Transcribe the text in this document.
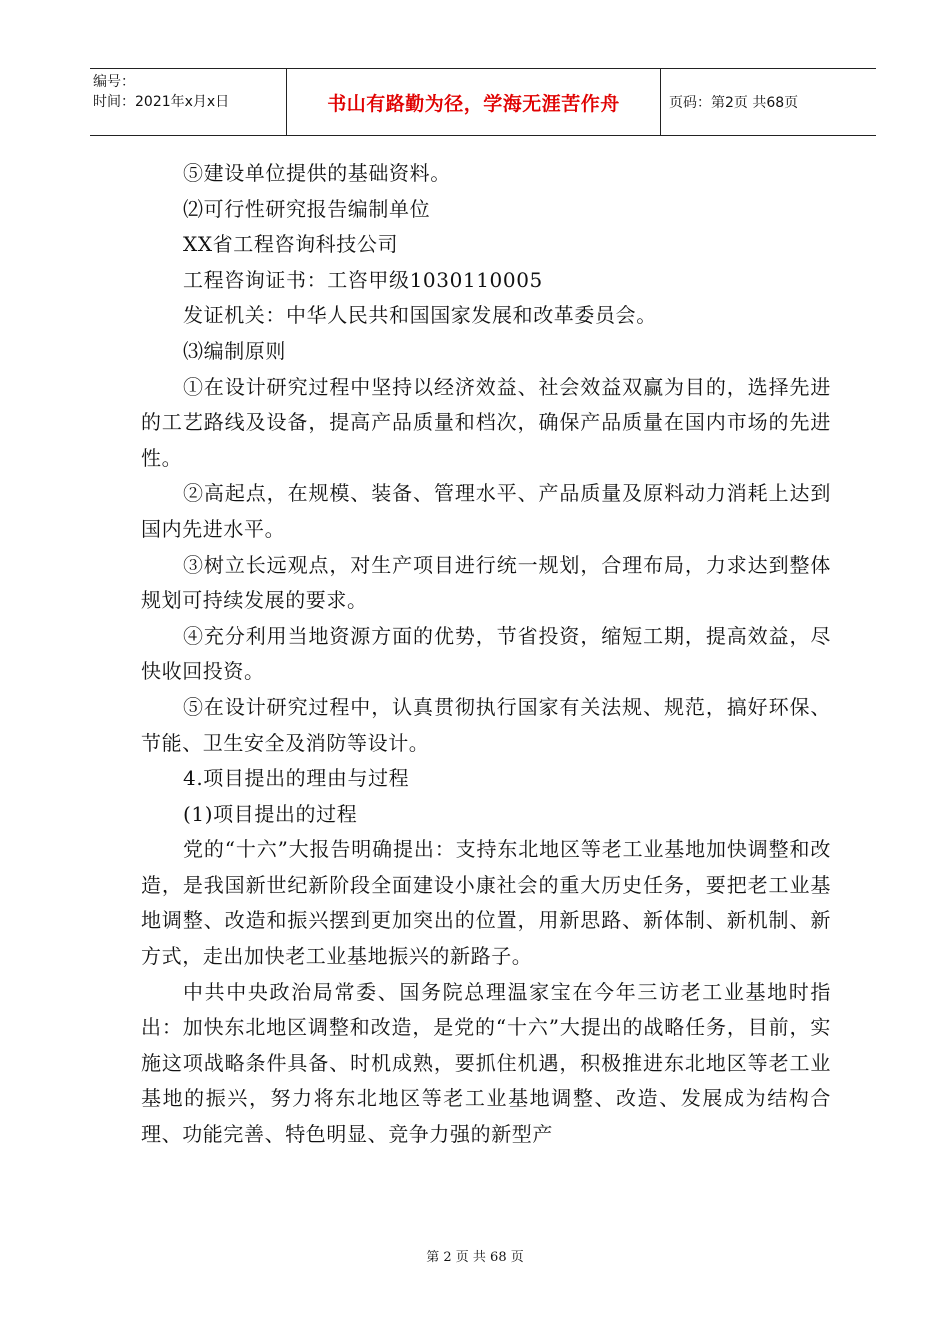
编号：
时间：2021年x月x日	书山有路勤为径，学海无涯苦作舟	页码：第2页 共68页

⑤建设单位提供的基础资料。

⑵可行性研究报告编制单位

XX省工程咨询科技公司

工程咨询证书：工咨甲级1030110005

发证机关：中华人民共和国国家发展和改革委员会。

⑶编制原则

①在设计研究过程中坚持以经济效益、社会效益双赢为目的，选择先进的工艺路线及设备，提高产品质量和档次，确保产品质量在国内市场的先进性。

②高起点，在规模、装备、管理水平、产品质量及原料动力消耗上达到国内先进水平。

③树立长远观点，对生产项目进行统一规划，合理布局，力求达到整体规划可持续发展的要求。

④充分利用当地资源方面的优势，节省投资，缩短工期，提高效益，尽快收回投资。

⑤在设计研究过程中，认真贯彻执行国家有关法规、规范，搞好环保、节能、卫生安全及消防等设计。

4.项目提出的理由与过程

(1)项目提出的过程

党的“十六”大报告明确提出：支持东北地区等老工业基地加快调整和改造，是我国新世纪新阶段全面建设小康社会的重大历史任务，要把老工业基地调整、改造和振兴摆到更加突出的位置，用新思路、新体制、新机制、新方式，走出加快老工业基地振兴的新路子。

中共中央政治局常委、国务院总理温家宝在今年三访老工业基地时指出：加快东北地区调整和改造，是党的“十六”大提出的战略任务，目前，实施这项战略条件具备、时机成熟，要抓住机遇，积极推进东北地区等老工业基地的振兴，努力将东北地区等老工业基地调整、改造、发展成为结构合理、功能完善、特色明显、竞争力强的新型产

第 2 页 共 68 页
